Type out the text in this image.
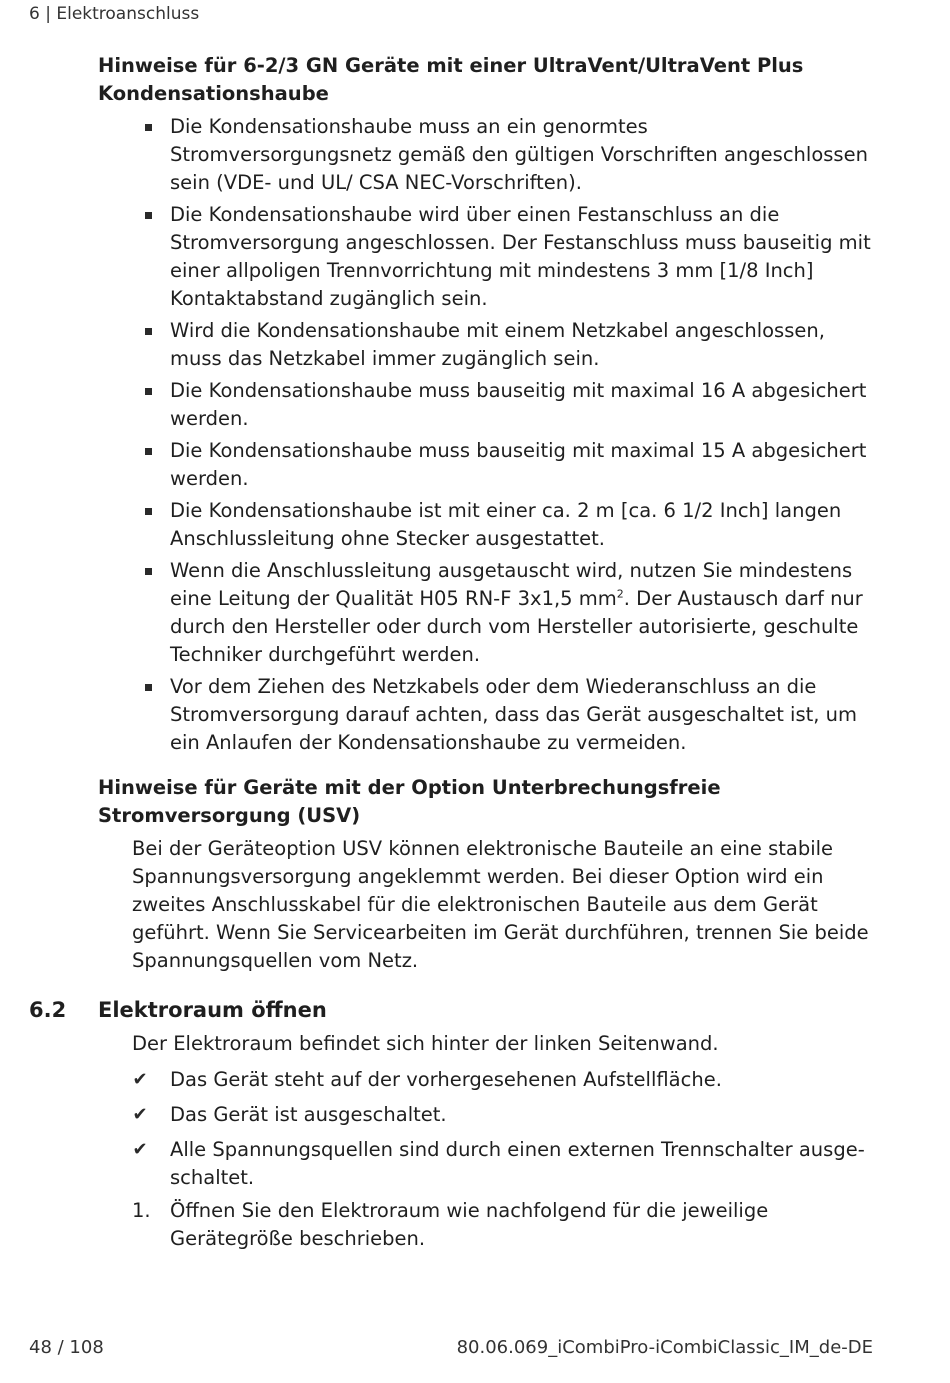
6 | Elektroanschluss
Hinweise für 6-2/3 GN Geräte mit einer UltraVent/UltraVent Plus Kondensationshaube
Die Kondensationshaube muss an ein genormtes Stromversorgungsnetz gemäß den gültigen Vorschriften angeschlossen sein (VDE- und UL/ CSA NEC-Vorschriften).
Die Kondensationshaube wird über einen Festanschluss an die Stromversorgung angeschlossen. Der Festanschluss muss bauseitig mit einer allpoligen Trennvorrichtung mit mindestens 3 mm [1/8 Inch] Kontaktabstand zugänglich sein.
Wird die Kondensationshaube mit einem Netzkabel angeschlossen, muss das Netzkabel immer zugänglich sein.
Die Kondensationshaube muss bauseitig mit maximal 16 A abgesichert werden.
Die Kondensationshaube muss bauseitig mit maximal 15 A abgesichert werden.
Die Kondensationshaube ist mit einer ca. 2 m [ca. 6 1/2 Inch] langen Anschlussleitung ohne Stecker ausgestattet.
Wenn die Anschlussleitung ausgetauscht wird, nutzen Sie mindestens eine Leitung der Qualität H05 RN-F 3x1,5 $mm^2$. Der Austausch darf nur durch den Hersteller oder durch vom Hersteller autorisierte, geschulte Techniker durchgeführt werden.
Vor dem Ziehen des Netzkabels oder dem Wiederanschluss an die Stromversorgung darauf achten, dass das Gerät ausgeschaltet ist, um ein Anlaufen der Kondensationshaube zu vermeiden.
Hinweise für Geräte mit der Option Unterbrechungsfreie Stromversorgung (USV)
Bei der Geräteoption USV können elektronische Bauteile an eine stabile Spannungsversorgung angeklemmt werden. Bei dieser Option wird ein zweites Anschlusskabel für die elektronischen Bauteile aus dem Gerät geführt. Wenn Sie Servicearbeiten im Gerät durchführen, trennen Sie beide Spannungsquellen vom Netz.
6.2 Elektroraum öffnen
Der Elektroraum befindet sich hinter der linken Seitenwand.
✔ Das Gerät steht auf der vorhergesehenen Aufstellfläche.
✔ Das Gerät ist ausgeschaltet.
✔ Alle Spannungsquellen sind durch einen externen Trennschalter ausgeschaltet.
1. Öffnen Sie den Elektroraum wie nachfolgend für die jeweilige Gerätegröße beschrieben.
48 / 108	80.06.069_iCombiPro-iCombiClassic_IM_de-DE
